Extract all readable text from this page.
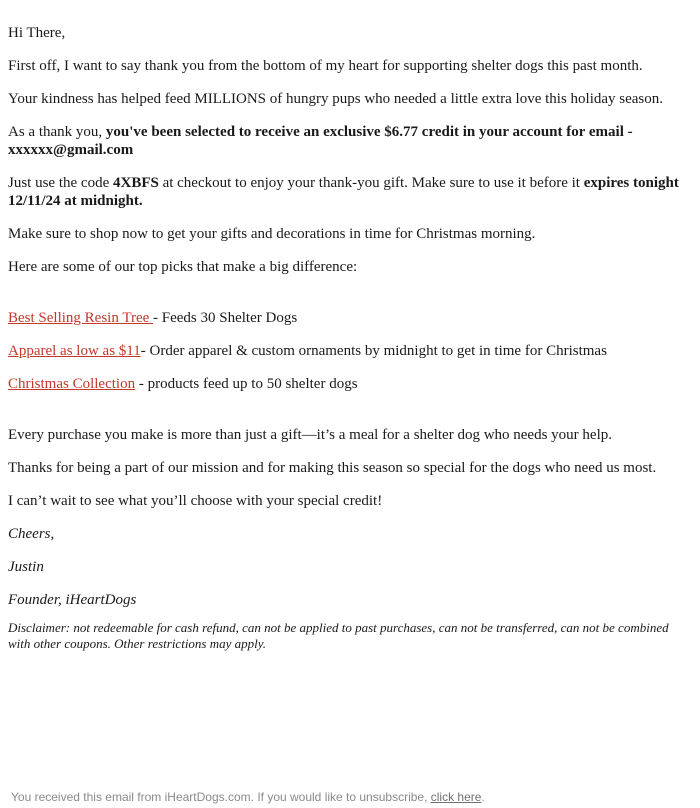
Hi There,

First off, I want to say thank you from the bottom of my heart for supporting shelter dogs this past month.

Your kindness has helped feed MILLIONS of hungry pups who needed a little extra love this holiday season.

As a thank you, you've been selected to receive an exclusive $6.77 credit in your account for email - xxxxxx@gmail.com

Just use the code 4XBFS at checkout to enjoy your thank-you gift. Make sure to use it before it expires tonight 12/11/24 at midnight.

Make sure to shop now to get your gifts and decorations in time for Christmas morning.

Here are some of our top picks that make a big difference:

Best Selling Resin Tree - Feeds 30 Shelter Dogs

Apparel as low as $11- Order apparel & custom ornaments by midnight to get in time for Christmas

Christmas Collection - products feed up to 50 shelter dogs

Every purchase you make is more than just a gift—it’s a meal for a shelter dog who needs your help.

Thanks for being a part of our mission and for making this season so special for the dogs who need us most.

I can’t wait to see what you’ll choose with your special credit!

Cheers,

Justin

Founder, iHeartDogs

Disclaimer: not redeemable for cash refund, can not be applied to past purchases, can not be transferred, can not be combined with other coupons. Other restrictions may apply.

You received this email from iHeartDogs.com. If you would like to unsubscribe, click here.
